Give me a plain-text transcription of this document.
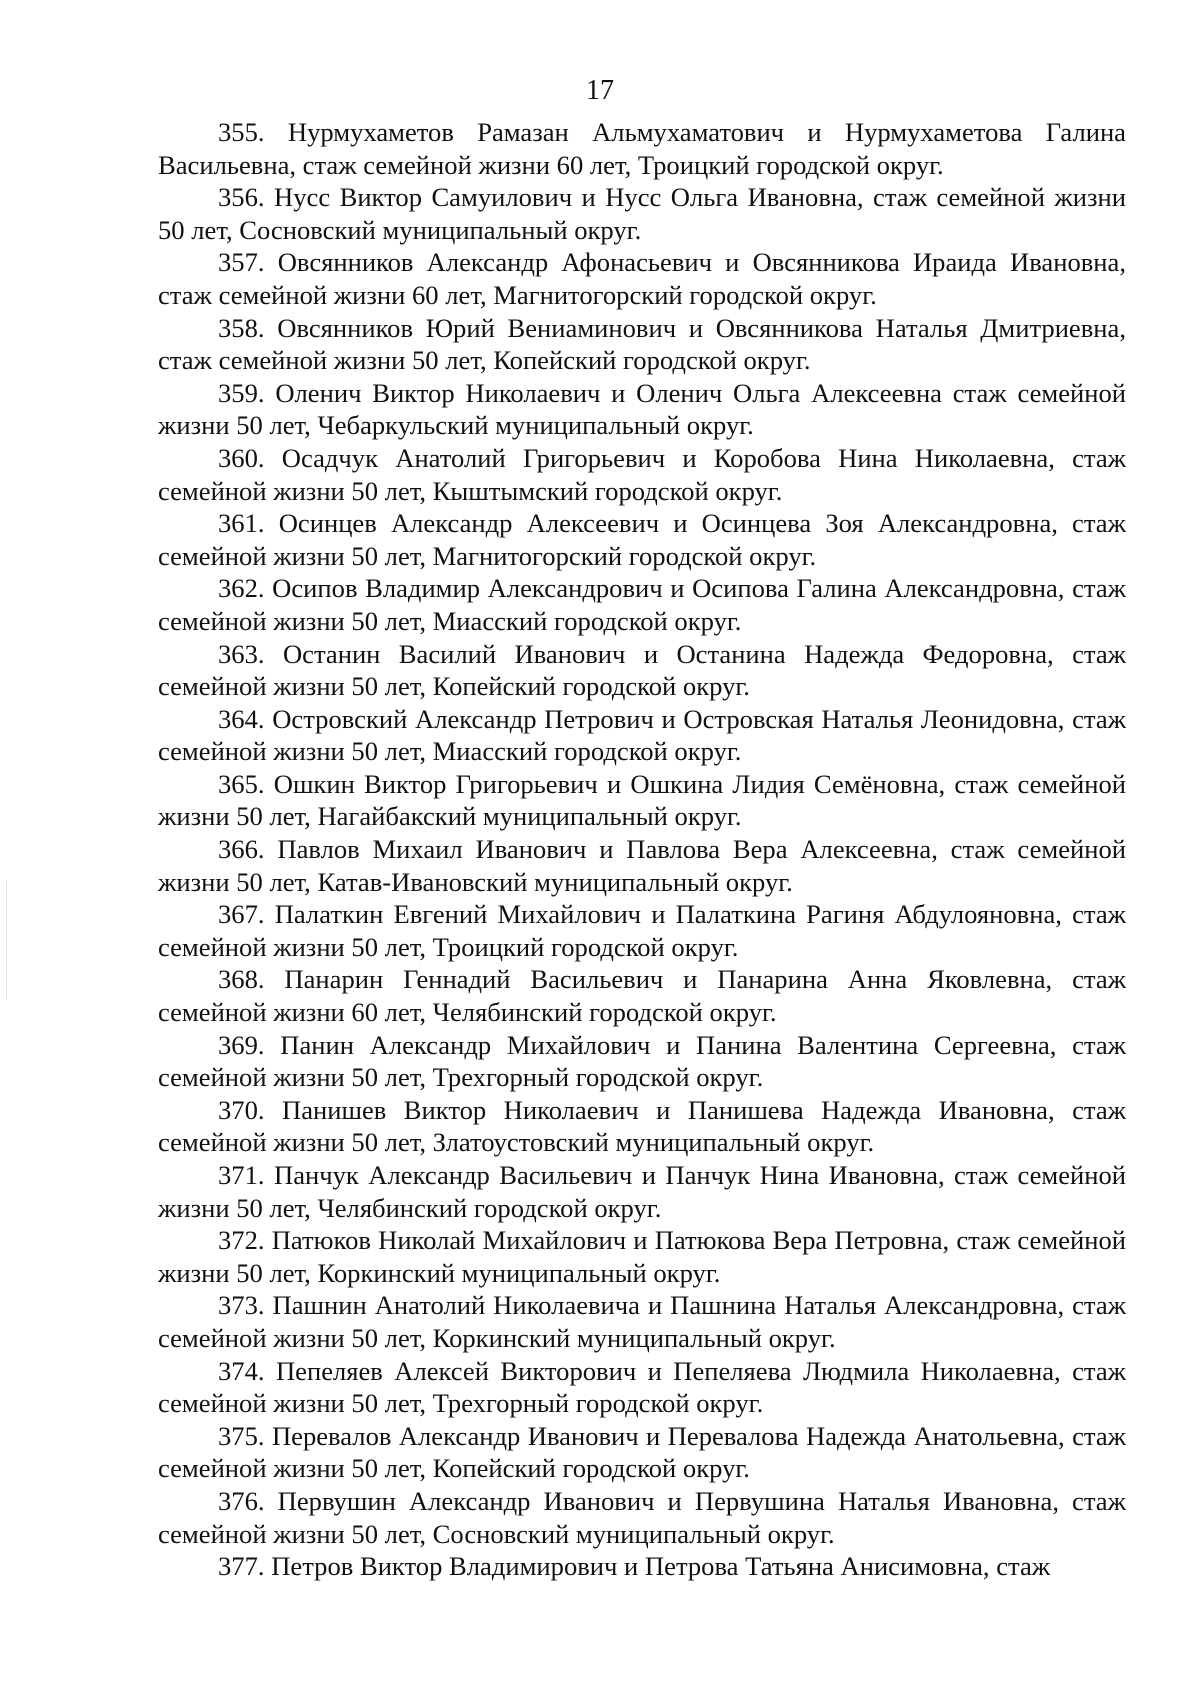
17
355. Нурмухаметов Рамазан Альмухаматович и Нурмухаметова Галина Васильевна, стаж семейной жизни 60 лет, Троицкий городской округ.
356. Нусс Виктор Самуилович и Нусс Ольга Ивановна, стаж семейной жизни 50 лет, Сосновский муниципальный округ.
357. Овсянников Александр Афонасьевич и Овсянникова Ираида Ивановна, стаж семейной жизни 60 лет, Магнитогорский городской округ.
358. Овсянников Юрий Вениаминович и Овсянникова Наталья Дмитриевна, стаж семейной жизни 50 лет, Копейский городской округ.
359. Оленич Виктор Николаевич и Оленич Ольга Алексеевна стаж семейной жизни 50 лет, Чебаркульский муниципальный округ.
360. Осадчук Анатолий Григорьевич и Коробова Нина Николаевна, стаж семейной жизни 50 лет, Кыштымский городской округ.
361. Осинцев Александр Алексеевич и Осинцева Зоя Александровна, стаж семейной жизни 50 лет, Магнитогорский городской округ.
362. Осипов Владимир Александрович и Осипова Галина Александровна, стаж семейной жизни 50 лет, Миасский городской округ.
363. Останин Василий Иванович и Останина Надежда Федоровна, стаж семейной жизни 50 лет, Копейский городской округ.
364. Островский Александр Петрович и Островская Наталья Леонидовна, стаж семейной жизни 50 лет, Миасский городской округ.
365. Ошкин Виктор Григорьевич и Ошкина Лидия Семёновна, стаж семейной жизни 50 лет, Нагайбакский муниципальный округ.
366. Павлов Михаил Иванович и Павлова Вера Алексеевна, стаж семейной жизни 50 лет, Катав-Ивановский муниципальный округ.
367. Палаткин Евгений Михайлович и Палаткина Рагиня Абдулояновна, стаж семейной жизни 50 лет, Троицкий городской округ.
368. Панарин Геннадий Васильевич и Панарина Анна Яковлевна, стаж семейной жизни 60 лет, Челябинский городской округ.
369. Панин Александр Михайлович и Панина Валентина Сергеевна, стаж семейной жизни 50 лет, Трехгорный городской округ.
370. Панишев Виктор Николаевич и Панишева Надежда Ивановна, стаж семейной жизни 50 лет, Златоустовский муниципальный округ.
371. Панчук Александр Васильевич и Панчук Нина Ивановна, стаж семейной жизни 50 лет, Челябинский городской округ.
372. Патюков Николай Михайлович и Патюкова Вера Петровна, стаж семейной жизни 50 лет, Коркинский муниципальный округ.
373. Пашнин Анатолий Николаевича и Пашнина Наталья Александровна, стаж семейной жизни 50 лет, Коркинский муниципальный округ.
374. Пепеляев Алексей Викторович и Пепеляева Людмила Николаевна, стаж семейной жизни 50 лет, Трехгорный городской округ.
375. Перевалов Александр Иванович и Перевалова Надежда Анатольевна, стаж семейной жизни 50 лет, Копейский городской округ.
376. Первушин Александр Иванович и Первушина Наталья Ивановна, стаж семейной жизни 50 лет, Сосновский муниципальный округ.
377. Петров Виктор Владимирович и Петрова Татьяна Анисимовна, стаж
